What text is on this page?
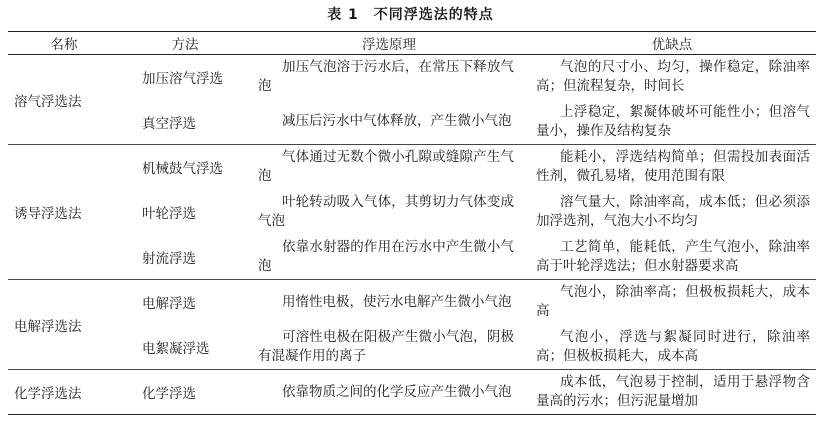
表 1　不同浮选法的特点
名称	方法	浮选原理	优缺点
溶气浮选法	加压溶气浮选	加压气泡溶于污水后，在常压下释放气泡	气泡的尺寸小、均匀，操作稳定，除油率高；但流程复杂，时间长
	真空浮选	减压后污水中气体释放，产生微小气泡	上浮稳定，絮凝体破坏可能性小；但溶气量小，操作及结构复杂
诱导浮选法	机械鼓气浮选	气体通过无数个微小孔隙或缝隙产生气泡	能耗小，浮选结构简单；但需投加表面活性剂，微孔易堵，使用范围有限
	叶轮浮选	叶轮转动吸入气体，其剪切力气体变成气泡	溶气量大，除油率高，成本低；但必须添加浮选剂，气泡大小不均匀
	射流浮选	依靠水射器的作用在污水中产生微小气泡	工艺简单，能耗低，产生气泡小，除油率高于叶轮浮选法；但水射器要求高
电解浮选法	电解浮选	用惰性电极，使污水电解产生微小气泡	气泡小，除油率高；但极板损耗大，成本高
	电絮凝浮选	可溶性电极在阳极产生微小气泡，阴极有混凝作用的离子	气泡小，浮选与絮凝同时进行，除油率高；但极板损耗大，成本高
化学浮选法	化学浮选	依靠物质之间的化学反应产生微小气泡	成本低，气泡易于控制，适用于悬浮物含量高的污水；但污泥量增加
